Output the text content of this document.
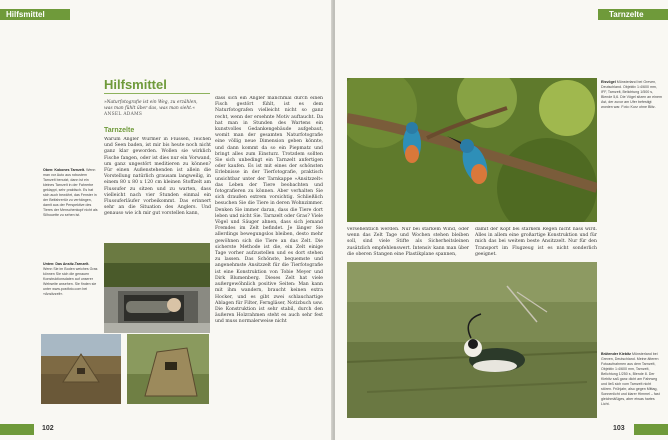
Hilfsmittel
Hilfsmittel
»Naturfotografie ist ein Weg, zu erzählen, was man fühlt über das, was man sieht.«
ANSEL ADAMS
Tarnzelte
Warum Angler Würmer in Flüssen, Teichen und Seen baden, ist mir bis heute noch nicht ganz klar geworden. Wollen sie wirklich Fische fangen, oder ist dies nur ein Vorwand, um ganz ungestört meditieren zu können? Für einen Außenstehenden ist allein die Vorstellung natürlich grausam langweilig, in einem 80 x 80 x 120 cm kleinen Stoffzelt am Flussufer zu sitzen und zu warten, dass vielleicht nach vier Stunden einmal ein Flussuferläufer vorbeikommt. Das erinnert sehr an die Situation des Anglers. Und genauso wie ich mir gut vorstellen kann,
dass sich ein Angler manchmal durch einen Fisch gestört fühlt, ist es dem Naturfotografen vielleicht nicht so ganz recht, wenn der ersehnte Motiv auftaucht. Da hat man in Stunden des Wartens ein kunstvolles Gedankengebäude aufgebaut, womit man der gesamten Naturfotografie eine völlig neue Dimension geben könnte, und dann kommt da so ein Piepmatz und bringt alles zum Einsturz. Trotzdem sollten Sie sich unbedingt ein Tarnzelt anfertigen oder kaufen. Es ist mit eines der schönsten Erlebnisse in der Tierfotografie, praktisch unsichtbar unter der Tarnkappe »Ansitzzelt« das Leben der Tiere beobachten und fotografieren zu können. Aber verhalten Sie sich draußen extrem vorsichtig. Schließlich besuchen Sie die Tiere in deren Wohnzimmer. Denken Sie immer daran, dass die Tiere dort leben und nicht Sie. Tarnzelt oder Gras? Viele Vögel und Säuger ahnen, dass sich jemand Fremdes im Zelt befindet. Je länger Sie allerdings bewegungslos bleiben, desto mehr gewöhnen sich die Tiere an das Zelt. Die sicherste Methode ist die, ein Zelt einige Tage vorher aufzustellen und es dort stehen zu lassen. Das Schönste, bequemste und angenehmste Ansitzzelt für die Tierfotografie ist eine Konstruktion von Tobie Meyer und Dirk Blumenberg. Dieses Zelt hat viele außergewöhnlich positive Seiten: Man kann mit ihm wandern, braucht keinen extra Hocker, und es gibt zwei schlauchartige Ablagen für Filter, Ferngläser, Notizbuch usw. Die Konstruktion ist sehr stabil, durch den äußeren Holzrahmen steht es auch sehr fest und muss normalerweise nicht
Oben: Kokones Tarnzelt. Wenn man vor Auto aus robustem Tarnzelt benutzt, dann ist ein kleines Tarnzelt in der Fahrerbe geklappt, sehr praktisch. Es hat sich auch bewährt, das Fenster in der Beifahrertür zu verhängen, damit aus der Perspektive des Tieres der Menschenkopf nicht als Silhouette zu sehen ist.
Unten: Das Ansitz-Tarnzelt. Wenn Sie im Boden weiches Gras können Sie sich die genauen Konstruktionsdaten auf unserer Webseite ansehen. Sie finden sie unter www.postfoto.com bei »Ansitzzelt«.
102
Tarnzelte
Eisvögel Münsterland bei Greven, Deutschland. Objektiv 1:4/600 mm, IFF, Tarnzelt, Belichtung 1/500 s, Blende 5,6. Die Vögel sitzen an einem Ast, der zuvor am Ufer befestigt worden war. Foto: Kurz ohne Blitz.
versehentlich werden. Nur bei starkem Wind, oder wenn das Zelt Tage und Wochen stehen bleiben soll, sind viele Stifte als Sicherheitsleinen zusätzlich empfehlenswert. Intensiv kann man über die oberen Stangen eine Plastikplane spannen,
damit der Kopf bei starkem Regen nicht nass wird. Alles in allem eine großartige Konstruktion und für mich das bei weitem beste Ansitzzelt. Nur für den Transport im Flugzeug ist es nicht sonderlich geeignet.
Brütender Kiebitz Münsterland bei Greven, Deutschland. Meine älteren Fotoaufnahmen aus dem Tarnzelt, Objektiv 1:4/600 mm, Tarnzelt, Belichtung 1/250 s, Blende 8. Der Kiebitz saß ganz dicht am Fahrweg und ließ sich vom Tarnzelt nicht stören. Frühjahr, also gegen Mittag, Sonnenlicht und klarer Himmel – fast gleichmäßiges, aber etwas hartes Licht.
103
